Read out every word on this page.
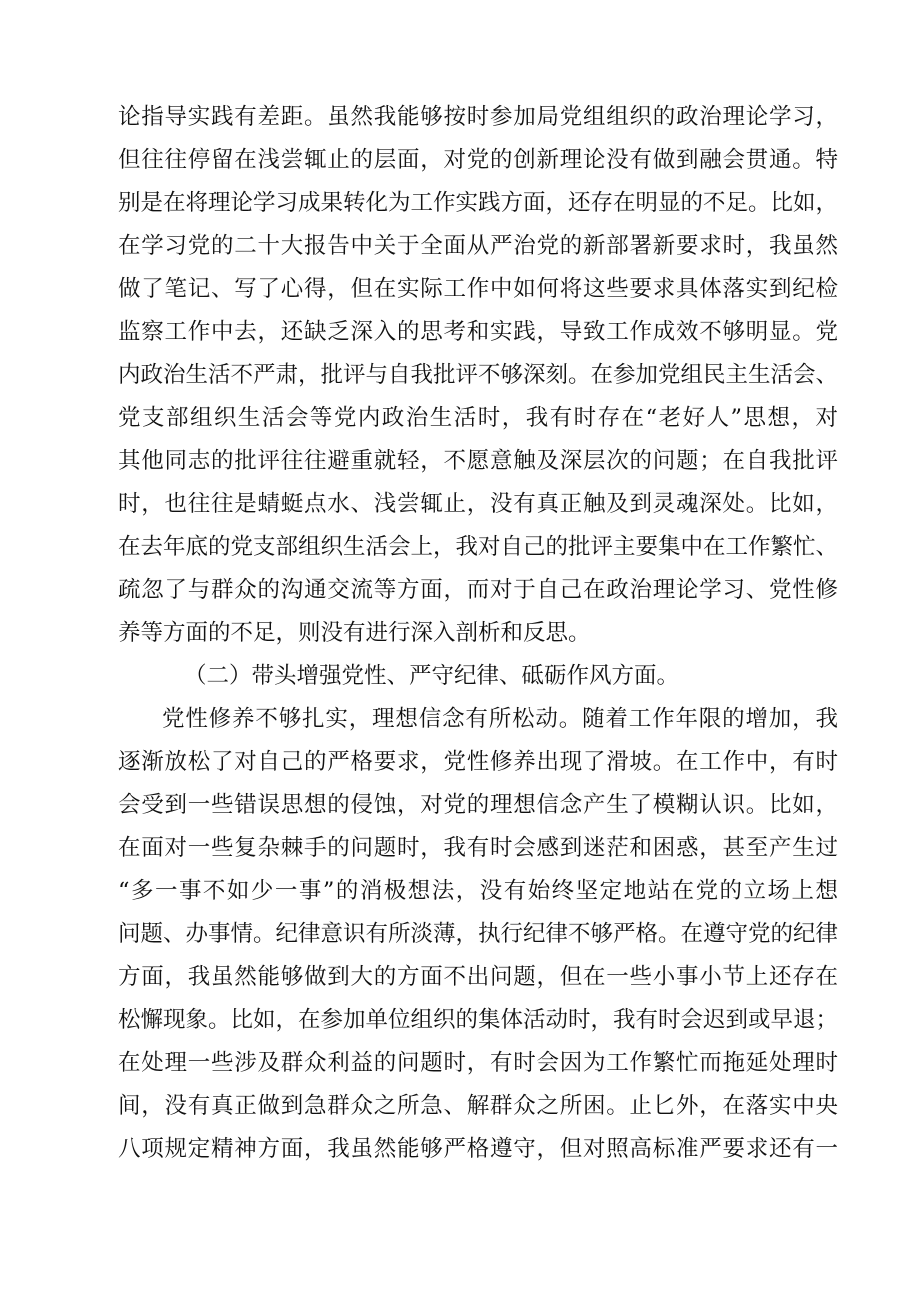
论指导实践有差距。虽然我能够按时参加局党组组织的政治理论学习，
但往往停留在浅尝辄止的层面，对党的创新理论没有做到融会贯通。特
别是在将理论学习成果转化为工作实践方面，还存在明显的不足。比如，
在学习党的二十大报告中关于全面从严治党的新部署新要求时，我虽然
做了笔记、写了心得，但在实际工作中如何将这些要求具体落实到纪检
监察工作中去，还缺乏深入的思考和实践，导致工作成效不够明显。党
内政治生活不严肃，批评与自我批评不够深刻。在参加党组民主生活会、
党支部组织生活会等党内政治生活时，我有时存在“老好人”思想，对
其他同志的批评往往避重就轻，不愿意触及深层次的问题；在自我批评
时，也往往是蜻蜓点水、浅尝辄止，没有真正触及到灵魂深处。比如，
在去年底的党支部组织生活会上，我对自己的批评主要集中在工作繁忙、
疏忽了与群众的沟通交流等方面，而对于自己在政治理论学习、党性修
养等方面的不足，则没有进行深入剖析和反思。
（二）带头增强党性、严守纪律、砥砺作风方面。
党性修养不够扎实，理想信念有所松动。随着工作年限的增加，我
逐渐放松了对自己的严格要求，党性修养出现了滑坡。在工作中，有时
会受到一些错误思想的侵蚀，对党的理想信念产生了模糊认识。比如，
在面对一些复杂棘手的问题时，我有时会感到迷茫和困惑，甚至产生过
“多一事不如少一事”的消极想法，没有始终坚定地站在党的立场上想
问题、办事情。纪律意识有所淡薄，执行纪律不够严格。在遵守党的纪律
方面，我虽然能够做到大的方面不出问题，但在一些小事小节上还存在
松懈现象。比如，在参加单位组织的集体活动时，我有时会迟到或早退；
在处理一些涉及群众利益的问题时，有时会因为工作繁忙而拖延处理时
间，没有真正做到急群众之所急、解群众之所困。止匕外，在落实中央
八项规定精神方面，我虽然能够严格遵守，但对照高标准严要求还有一
